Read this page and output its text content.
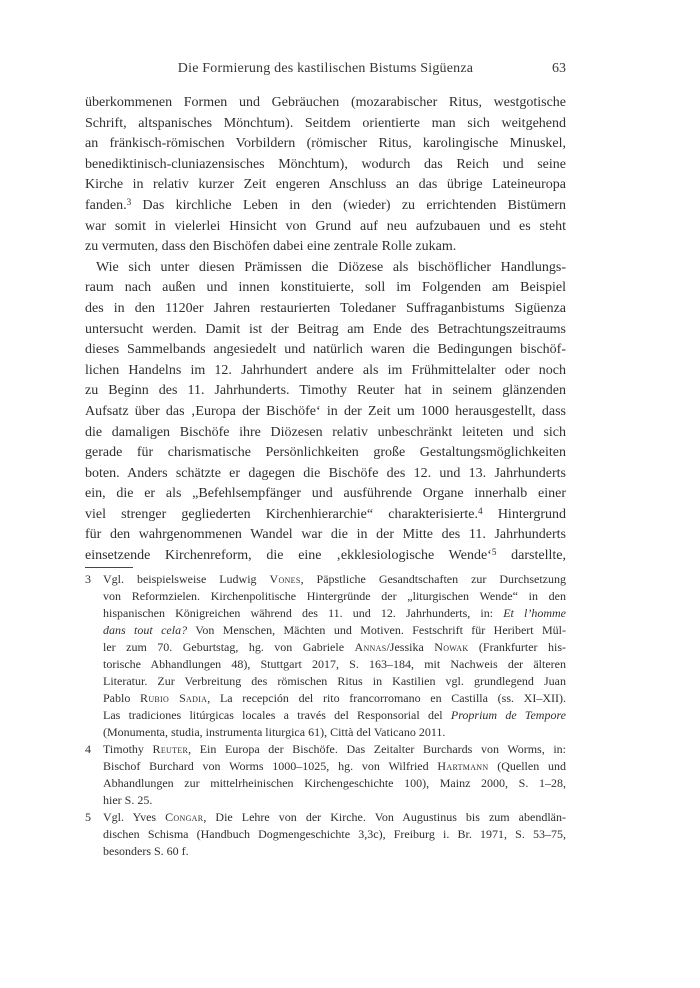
Die Formierung des kastilischen Bistums Sigüenza	63
überkommenen Formen und Gebräuchen (mozarabischer Ritus, westgotische
Schrift, altspanisches Mönchtum). Seitdem orientierte man sich weitgehend
an fränkisch-römischen Vorbildern (römischer Ritus, karolingische Minuskel,
benediktinisch-cluniazensisches Mönchtum), wodurch das Reich und seine
Kirche in relativ kurzer Zeit engeren Anschluss an das übrige Lateineuropa
fanden.$^3$ Das kirchliche Leben in den (wieder) zu errichtenden Bistümern
war somit in vielerlei Hinsicht von Grund auf neu aufzubauen und es steht
zu vermuten, dass den Bischöfen dabei eine zentrale Rolle zukam.
Wie sich unter diesen Prämissen die Diözese als bischöflicher Handlungs-
raum nach außen und innen konstituierte, soll im Folgenden am Beispiel
des in den 1120er Jahren restaurierten Toledaner Suffraganbistums Sigüenza
untersucht werden. Damit ist der Beitrag am Ende des Betrachtungszeitraums
dieses Sammelbands angesiedelt und natürlich waren die Bedingungen bischöf-
lichen Handelns im 12. Jahrhundert andere als im Frühmittelalter oder noch
zu Beginn des 11. Jahrhunderts. Timothy Reuter hat in seinem glänzenden
Aufsatz über das ‚Europa der Bischöfe‘ in der Zeit um 1000 herausgestellt, dass
die damaligen Bischöfe ihre Diözesen relativ unbeschränkt leiteten und sich
gerade für charismatische Persönlichkeiten große Gestaltungsmöglichkeiten
boten. Anders schätzte er dagegen die Bischöfe des 12. und 13. Jahrhunderts
ein, die er als „Befehlsempfänger und ausführende Organe innerhalb einer
viel strenger gegliederten Kirchenhierarchie“ charakterisierte.$^4$ Hintergrund
für den wahrgenommenen Wandel war die in der Mitte des 11. Jahrhunderts
einsetzende Kirchenreform, die eine ‚ekklesiologische Wende‘$^5$ darstellte,
3 Vgl. beispielsweise Ludwig Vones, Päpstliche Gesandtschaften zur Durchsetzung
von Reformzielen. Kirchenpolitische Hintergründe der „liturgischen Wende“ in den
hispanischen Königreichen während des 11. und 12. Jahrhunderts, in: Et l’homme
dans tout cela? Von Menschen, Mächten und Motiven. Festschrift für Heribert Mül-
ler zum 70. Geburtstag, hg. von Gabriele Annas/Jessika Nowak (Frankfurter his-
torische Abhandlungen 48), Stuttgart 2017, S. 163–184, mit Nachweis der älteren
Literatur. Zur Verbreitung des römischen Ritus in Kastilien vgl. grundlegend Juan
Pablo Rubio Sadia, La recepción del rito francorromano en Castilla (ss. XI–XII).
Las tradiciones litúrgicas locales a través del Responsorial del Proprium de Tempore
(Monumenta, studia, instrumenta liturgica 61), Città del Vaticano 2011.
4 Timothy Reuter, Ein Europa der Bischöfe. Das Zeitalter Burchards von Worms, in:
Bischof Burchard von Worms 1000–1025, hg. von Wilfried Hartmann (Quellen und
Abhandlungen zur mittelrheinischen Kirchengeschichte 100), Mainz 2000, S. 1–28,
hier S. 25.
5 Vgl. Yves Congar, Die Lehre von der Kirche. Von Augustinus bis zum abendlän-
dischen Schisma (Handbuch Dogmengeschichte 3,3c), Freiburg i. Br. 1971, S. 53–75,
besonders S. 60 f.
